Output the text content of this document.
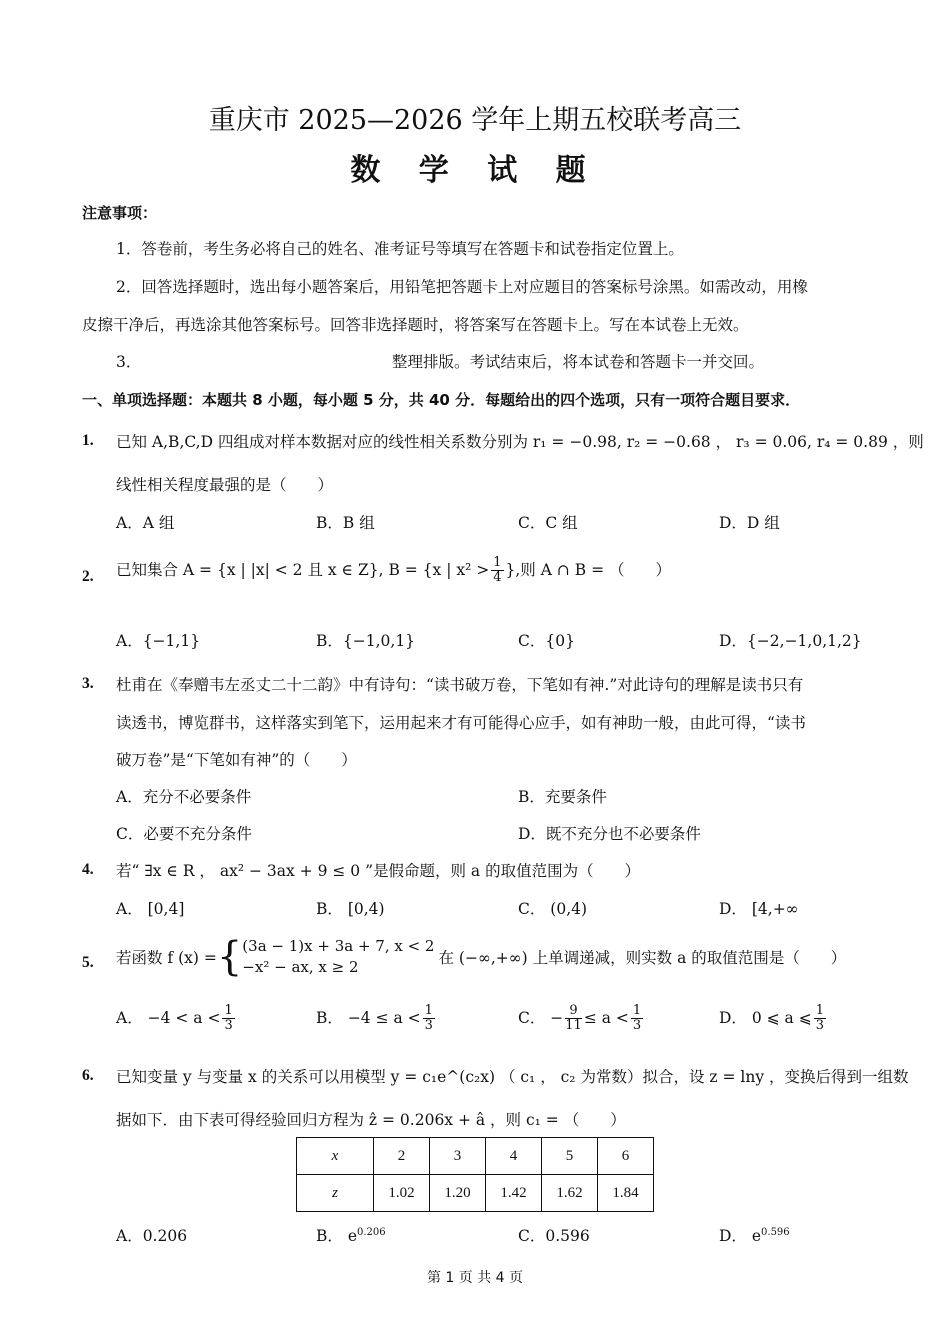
重庆市 2025—2026 学年上期五校联考高三
数 学 试 题
注意事项：
1．答卷前，考生务必将自己的姓名、准考证号等填写在答题卡和试卷指定位置上。
2．回答选择题时，选出每小题答案后，用铅笔把答题卡上对应题目的答案标号涂黑。如需改动，用橡
皮擦干净后，再选涂其他答案标号。回答非选择题时，将答案写在答题卡上。写在本试卷上无效。
3．	整理排版。考试结束后，将本试卷和答题卡一并交回。
一、单项选择题：本题共 8 小题，每小题 5 分，共 40 分．每题给出的四个选项，只有一项符合题目要求．
1. 已知 A,B,C,D 四组成对样本数据对应的线性相关系数分别为 r₁ = −0.98, r₂ = −0.68 ， r₃ = 0.06, r₄ = 0.89 ，则
线性相关程度最强的是（　　）
A．A 组	B．B 组	C．C 组	D．D 组
2. 已知集合 A = {x | |x| < 2 且 x ∈ Z}, B = {x | $x^2 > \frac{1}{4}$ },则 A ∩ B = （　　）
A．{−1,1}	B．{−1,0,1}	C．{0}	D．{−2,−1,0,1,2}
3. 杜甫在《奉赠韦左丞丈二十二韵》中有诗句：“读书破万卷，下笔如有神.”对此诗句的理解是读书只有
读透书，博览群书，这样落实到笔下，运用起来才有可能得心应手，如有神助一般，由此可得，“读书
破万卷”是“下笔如有神”的（　　）
A．充分不必要条件	B．充要条件
C．必要不充分条件	D．既不充分也不必要条件
4. 若“ ∃x ∈ R ， ax² − 3ax + 9 ≤ 0 ”是假命题，则 a 的取值范围为（　　）
A． [0,4]	B． [0,4)	C． (0,4)	D． [4,+∞
5. 若函数 f (x) ={ (3a − 1)x + 3a + 7, x < 2
−x² − ax, x ≥ 2	在 (−∞,+∞) 上单调递减，则实数 a 的取值范围是（　　）
A． $-4 < a < \frac{1}{3}$	B． $-4 \le a < \frac{1}{3}$	C． − $\frac{9}{11} \le a < \frac{1}{3}$	D． 0 ⩽ a ⩽ $\frac{1}{3}$
6. 已知变量 y 与变量 x 的关系可以用模型 y = c₁e^(c₂x) （ c₁ ， c₂ 为常数）拟合，设 z = lny ，变换后得到一组数
据如下．由下表可得经验回归方程为 ẑ = 0.206x + â ，则 c₁ = （　　）
x	2	3	4	5	6
z	1.02	1.20	1.42	1.62	1.84
A．0.206	B． $e^{0.206}$	C．0.596	D． $e^{0.596}$
第 1 页 共 4 页
